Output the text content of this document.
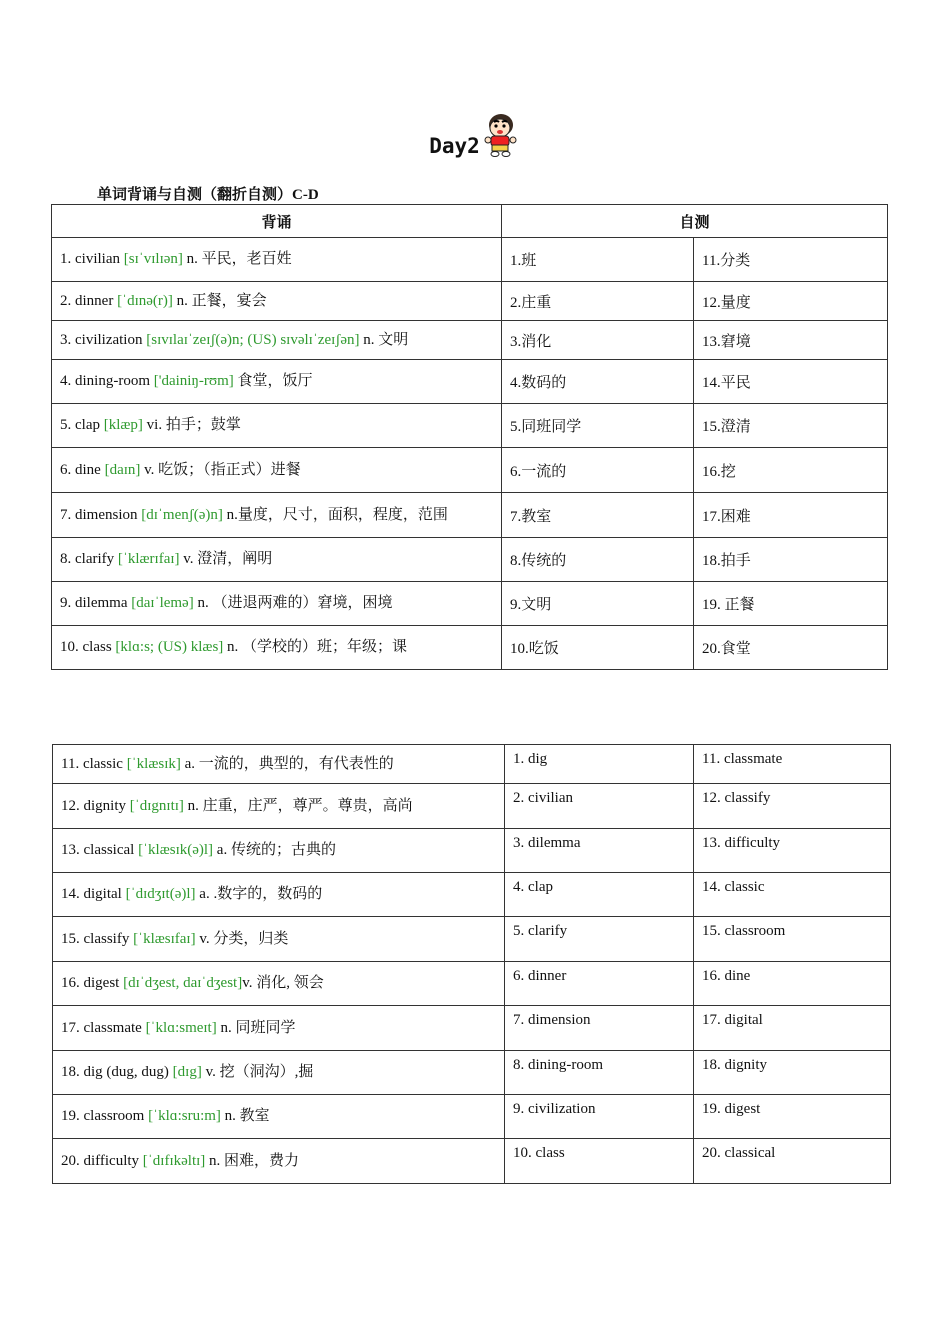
Day2
单词背诵与自测（翻折自测）C-D
背诵	自测	
1. civilian [sɪˈvɪlɪən] n. 平民，老百姓	1.班	11.分类
2. dinner [ˈdɪnə(r)] n. 正餐，宴会	2.庄重	12.量度
3. civilization [sɪvɪlaɪˈzeɪʃ(ə)n; (US) sɪvəlɪˈzeɪʃən] n. 文明	3.消化	13.窘境
4. dining-room ['dainiŋ-rʊm] 食堂，饭厅	4.数码的	14.平民
5. clap [klæp] vi. 拍手；鼓掌	5.同班同学	15.澄清
6. dine [daɪn] v. 吃饭；（指正式）进餐	6.一流的	16.挖
7. dimension [dɪˈmenʃ(ə)n] n.量度，尺寸，面积，程度，范围	7.教室	17.困难
8. clarify [ˈklærɪfaɪ] v. 澄清，阐明	8.传统的	18.拍手
9. dilemma [daɪˈlemə] n. （进退两难的）窘境，困境	9.文明	19. 正餐
10. class [klɑ:s; (US) klæs] n. （学校的）班；年级；课	10.吃饭	20.食堂
11. classic [ˈklæsɪk] a. 一流的，典型的，有代表性的	1. dig	11. classmate
12. dignity [ˈdɪgnɪtɪ] n. 庄重，庄严，尊严。尊贵，高尚	2. civilian	12. classify
13. classical [ˈklæsɪk(ə)l] a. 传统的；古典的	3. dilemma	13. difficulty
14. digital [ˈdɪdʒɪt(ə)l] a. .数字的，数码的	4. clap	14. classic
15. classify [ˈklæsɪfaɪ] v. 分类，归类	5. clarify	15. classroom
16. digest [dɪˈdʒest, daɪˈdʒest]v. 消化, 领会	6. dinner	16. dine
17. classmate [ˈklɑ:smeɪt] n. 同班同学	7. dimension	17. digital
18. dig (dug, dug) [dɪg] v. 挖（洞沟）,掘	8. dining-room	18. dignity
19. classroom [ˈklɑ:sru:m] n. 教室	9. civilization	19. digest
20. difficulty [ˈdɪfɪkəltɪ] n. 困难，费力	10. class	20. classical
